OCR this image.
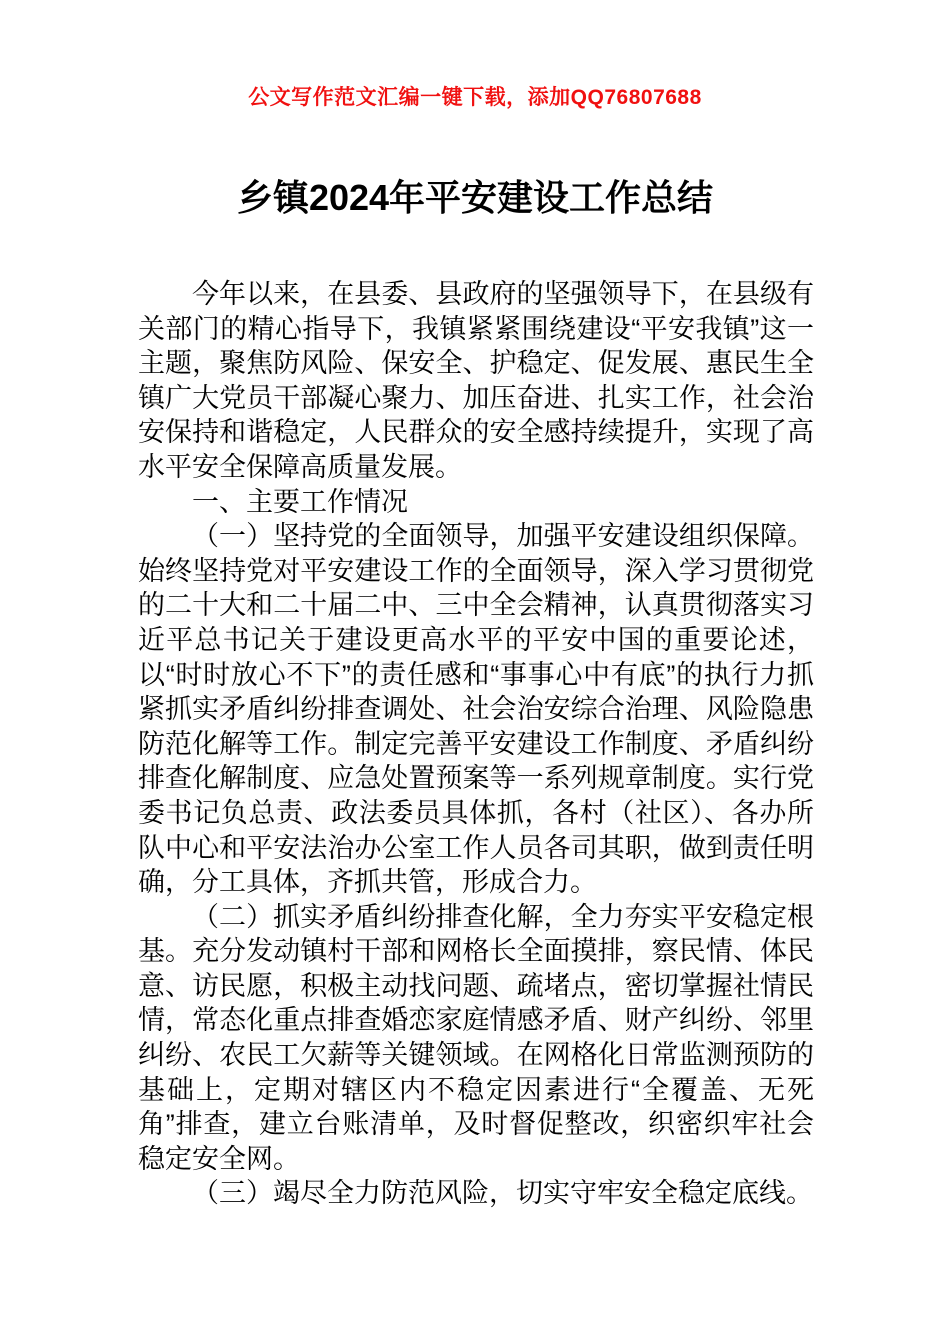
公文写作范文汇编一键下载，添加QQ76807688

乡镇2024年平安建设工作总结

今年以来，在县委、县政府的坚强领导下，在县级有关部门的精心指导下，我镇紧紧围绕建设“平安我镇”这一主题，聚焦防风险、保安全、护稳定、促发展、惠民生全镇广大党员干部凝心聚力、加压奋进、扎实工作，社会治安保持和谐稳定，人民群众的安全感持续提升，实现了高水平安全保障高质量发展。

一、主要工作情况

（一）坚持党的全面领导，加强平安建设组织保障。始终坚持党对平安建设工作的全面领导，深入学习贯彻党的二十大和二十届二中、三中全会精神，认真贯彻落实习近平总书记关于建设更高水平的平安中国的重要论述，以“时时放心不下”的责任感和“事事心中有底”的执行力抓紧抓实矛盾纠纷排查调处、社会治安综合治理、风险隐患防范化解等工作。制定完善平安建设工作制度、矛盾纠纷排查化解制度、应急处置预案等一系列规章制度。实行党委书记负总责、政法委员具体抓，各村（社区）、各办所队中心和平安法治办公室工作人员各司其职，做到责任明确，分工具体，齐抓共管，形成合力。

（二）抓实矛盾纠纷排查化解，全力夯实平安稳定根基。充分发动镇村干部和网格长全面摸排，察民情、体民意、访民愿，积极主动找问题、疏堵点，密切掌握社情民情，常态化重点排查婚恋家庭情感矛盾、财产纠纷、邻里纠纷、农民工欠薪等关键领域。在网格化日常监测预防的基础上，定期对辖区内不稳定因素进行“全覆盖、无死角”排查，建立台账清单，及时督促整改，织密织牢社会稳定安全网。

（三）竭尽全力防范风险，切实守牢安全稳定底线。
